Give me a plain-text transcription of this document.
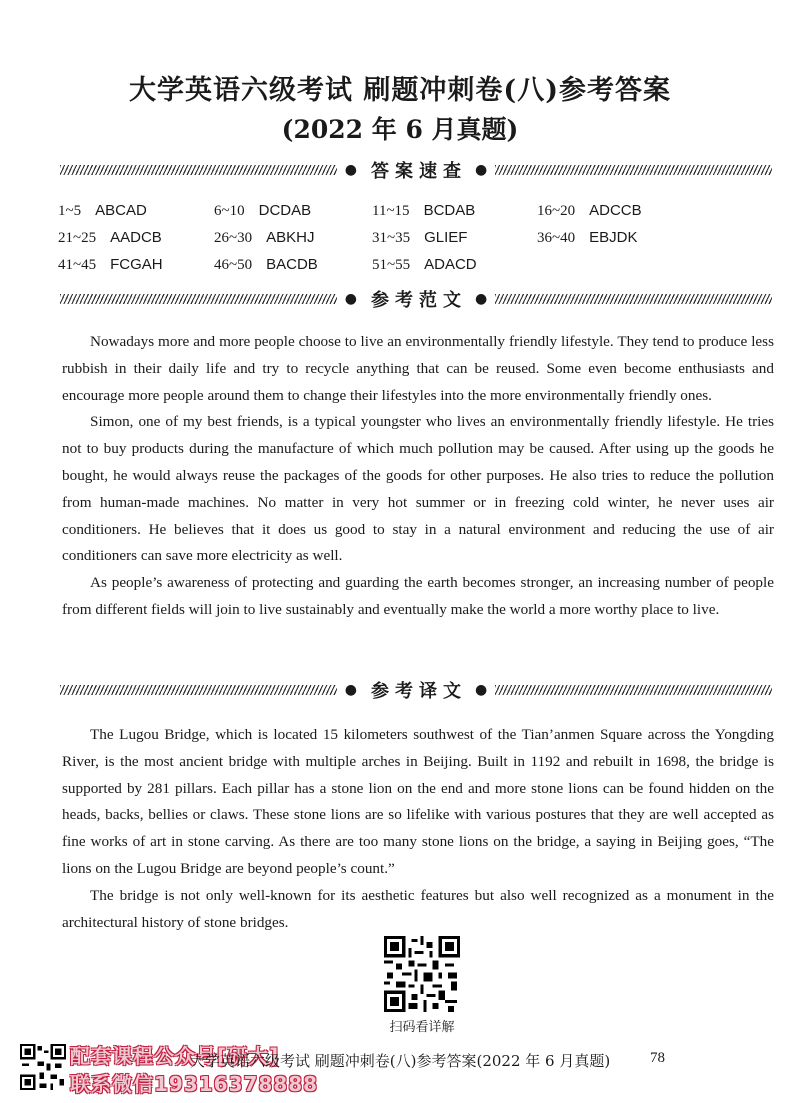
大学英语六级考试 刷题冲刺卷(八)参考答案
(2022 年 6 月真题)
● 答案速查 ●
1~5 ABCAD	6~10 DCDAB	11~15 BCDAB	16~20 ADCCB
21~25 AADCB	26~30 ABKHJ	31~35 GLIEF	36~40 EBJDK
41~45 FCGAH	46~50 BACDB	51~55 ADACD
● 参考范文 ●

Nowadays more and more people choose to live an environmentally friendly lifestyle. They tend to produce less rubbish in their daily life and try to recycle anything that can be reused. Some even become enthusiasts and encourage more people around them to change their lifestyles into the more environmentally friendly ones.

Simon, one of my best friends, is a typical youngster who lives an environmentally friendly lifestyle. He tries not to buy products during the manufacture of which much pollution may be caused. After using up the goods he bought, he would always reuse the packages of the goods for other purposes. He also tries to reduce the pollution from human-made machines. No matter in very hot summer or in freezing cold winter, he never uses air conditioners. He believes that it does us good to stay in a natural environment and reducing the use of air conditioners can save more electricity as well.

As people’s awareness of protecting and guarding the earth becomes stronger, an increasing number of people from different fields will join to live sustainably and eventually make the world a more worthy place to live.

● 参考译文 ●

The Lugou Bridge, which is located 15 kilometers southwest of the Tian’anmen Square across the Yongding River, is the most ancient bridge with multiple arches in Beijing. Built in 1192 and rebuilt in 1698, the bridge is supported by 281 pillars. Each pillar has a stone lion on the end and more stone lions can be found hidden on the heads, backs, bellies or claws. These stone lions are so lifelike with various postures that they are well accepted as fine works of art in stone carving. As there are too many stone lions on the bridge, a saying in Beijing goes, “The lions on the Lugou Bridge are beyond people’s count.”

The bridge is not only well-known for its aesthetic features but also well recognized as a monument in the architectural history of stone bridges.

扫码看详解
配套课程公众号[研大]
联系微信19316378888
大学英语六级考试 刷题冲刺卷(八)参考答案(2022 年 6 月真题)	78
